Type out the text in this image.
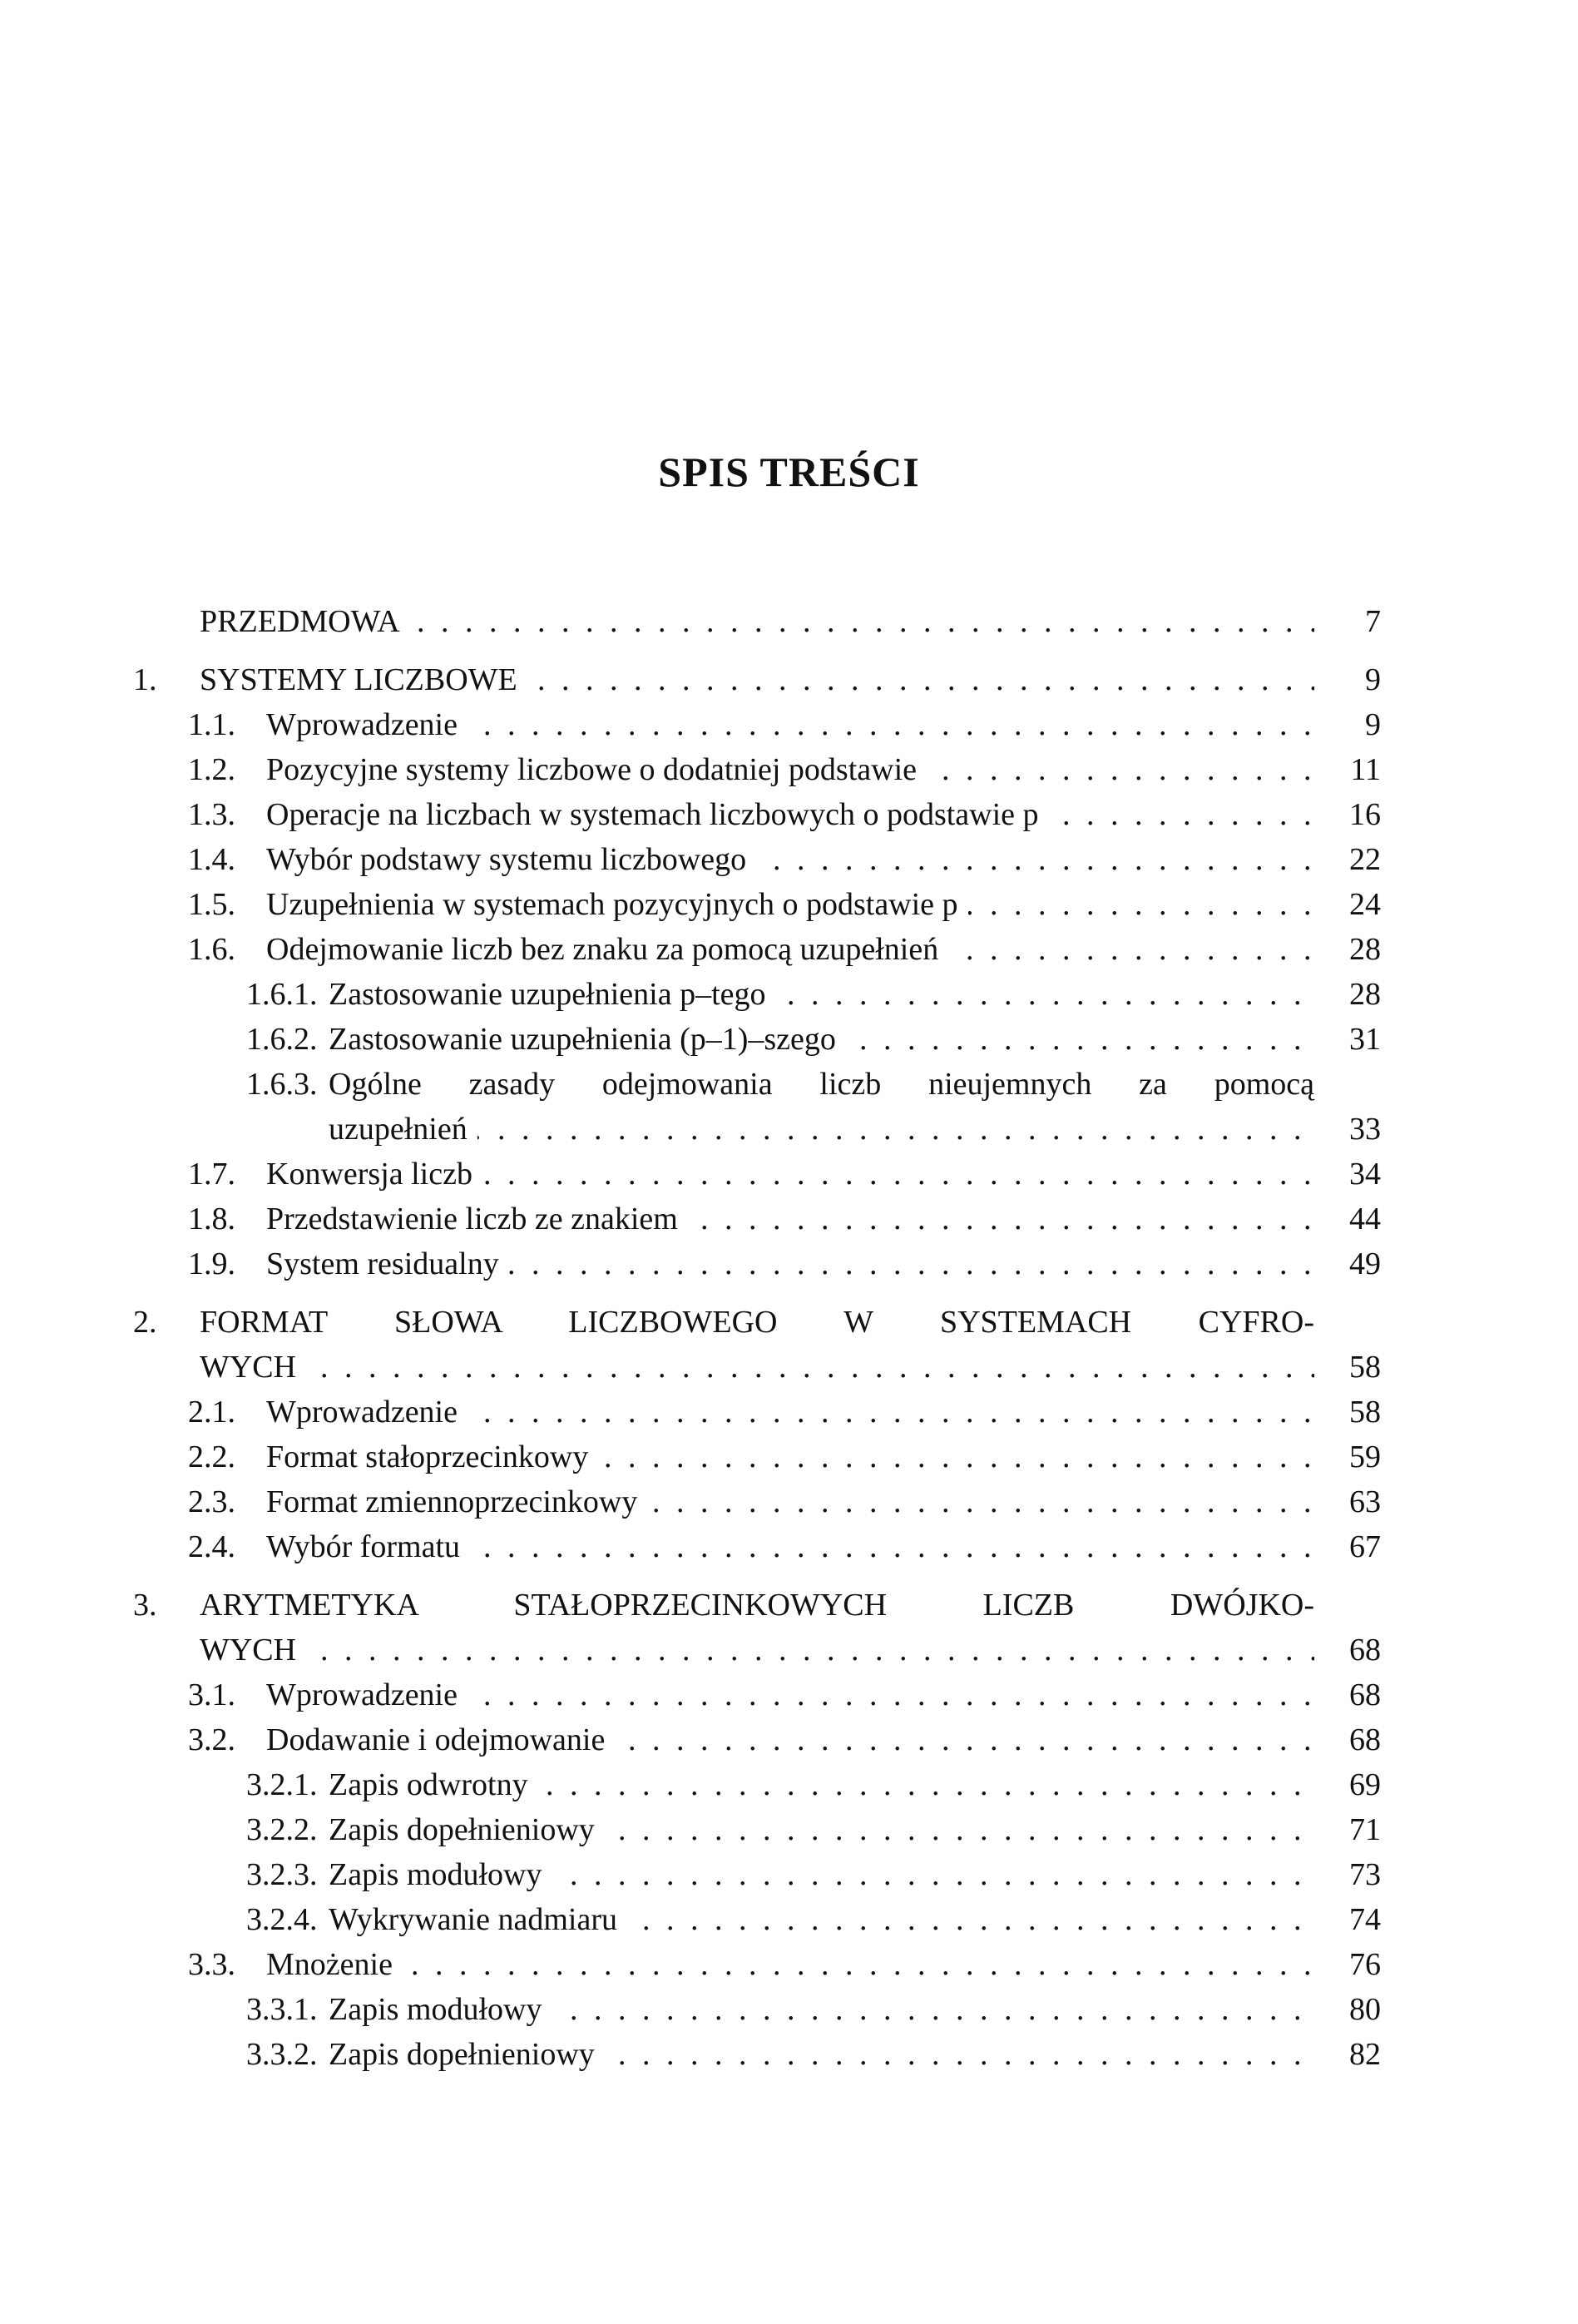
SPIS TREŚCI
PRZEDMOWA . . .	7
1. SYSTEMY LICZBOWE . . .	9
1.1. Wprowadzenie . . .	9
1.2. Pozycyjne systemy liczbowe o dodatniej podstawie . . .	11
1.3. Operacje na liczbach w systemach liczbowych o podstawie p . . .	16
1.4. Wybór podstawy systemu liczbowego . . .	22
1.5. Uzupełnienia w systemach pozycyjnych o podstawie p . . .	24
1.6. Odejmowanie liczb bez znaku za pomocą uzupełnień . . .	28
1.6.1. Zastosowanie uzupełnienia p–tego . . .	28
1.6.2. Zastosowanie uzupełnienia (p–1)–szego . . .	31
1.6.3. Ogólne zasady odejmowania liczb nieujemnych za pomocą
uzupełnień . . .	33
1.7. Konwersja liczb . . .	34
1.8. Przedstawienie liczb ze znakiem . . .	44
1.9. System residualny . . .	49
2. FORMAT SŁOWA LICZBOWEGO W SYSTEMACH CYFRO-
WYCH . . .	58
2.1. Wprowadzenie . . .	58
2.2. Format stałoprzecinkowy . . .	59
2.3. Format zmiennoprzecinkowy . . .	63
2.4. Wybór formatu . . .	67
3. ARYTMETYKA STAŁOPRZECINKOWYCH LICZB DWÓJKO-
WYCH . . .	68
3.1. Wprowadzenie . . .	68
3.2. Dodawanie i odejmowanie . . .	68
3.2.1. Zapis odwrotny . . .	69
3.2.2. Zapis dopełnieniowy . . .	71
3.2.3. Zapis modułowy . . .	73
3.2.4. Wykrywanie nadmiaru . . .	74
3.3. Mnożenie . . .	76
3.3.1. Zapis modułowy . . .	80
3.3.2. Zapis dopełnieniowy . . .	82
